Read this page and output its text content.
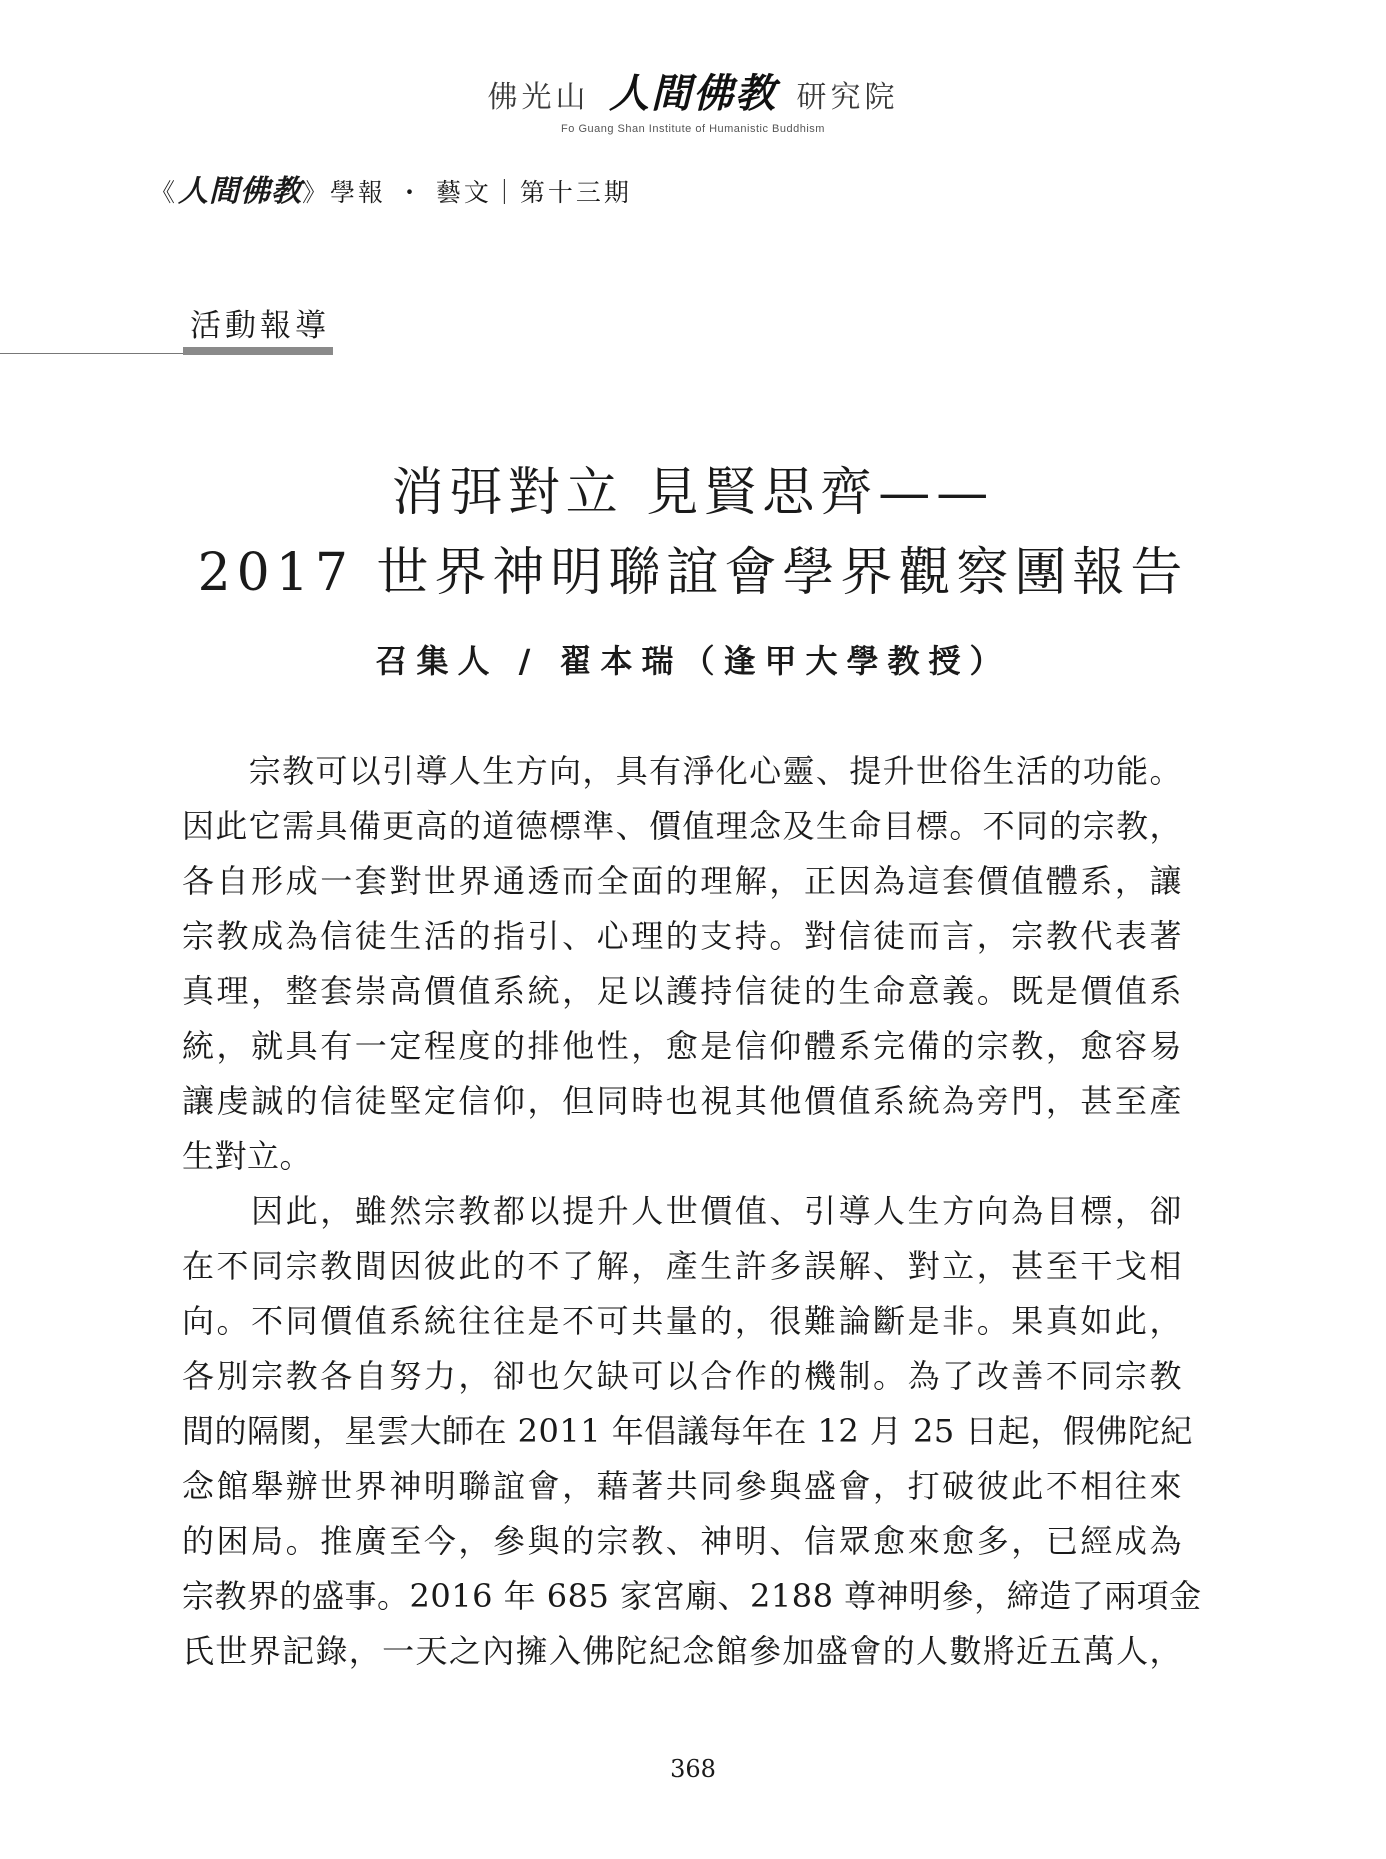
佛光山 人間佛教 研究院
Fo Guang Shan Institute of Humanistic Buddhism
《人間佛教》學報 ・ 藝文｜第十三期
活動報導
消弭對立 見賢思齊——
2017 世界神明聯誼會學界觀察團報告
召集人 / 翟本瑞（逢甲大學教授）
　　宗教可以引導人生方向，具有淨化心靈、提升世俗生活的功能。
因此它需具備更高的道德標準、價值理念及生命目標。不同的宗教，
各自形成一套對世界通透而全面的理解，正因為這套價值體系，讓
宗教成為信徒生活的指引、心理的支持。對信徒而言，宗教代表著
真理，整套崇高價值系統，足以護持信徒的生命意義。既是價值系
統，就具有一定程度的排他性，愈是信仰體系完備的宗教，愈容易
讓虔誠的信徒堅定信仰，但同時也視其他價值系統為旁門，甚至產
生對立。
　　因此，雖然宗教都以提升人世價值、引導人生方向為目標，卻
在不同宗教間因彼此的不了解，產生許多誤解、對立，甚至干戈相
向。不同價值系統往往是不可共量的，很難論斷是非。果真如此，
各別宗教各自努力，卻也欠缺可以合作的機制。為了改善不同宗教
間的隔閡，星雲大師在 2011 年倡議每年在 12 月 25 日起，假佛陀紀
念館舉辦世界神明聯誼會，藉著共同參與盛會，打破彼此不相往來
的困局。推廣至今，參與的宗教、神明、信眾愈來愈多，已經成為
宗教界的盛事。2016 年 685 家宮廟、2188 尊神明參，締造了兩項金
氏世界記錄，一天之內擁入佛陀紀念館參加盛會的人數將近五萬人，
368
